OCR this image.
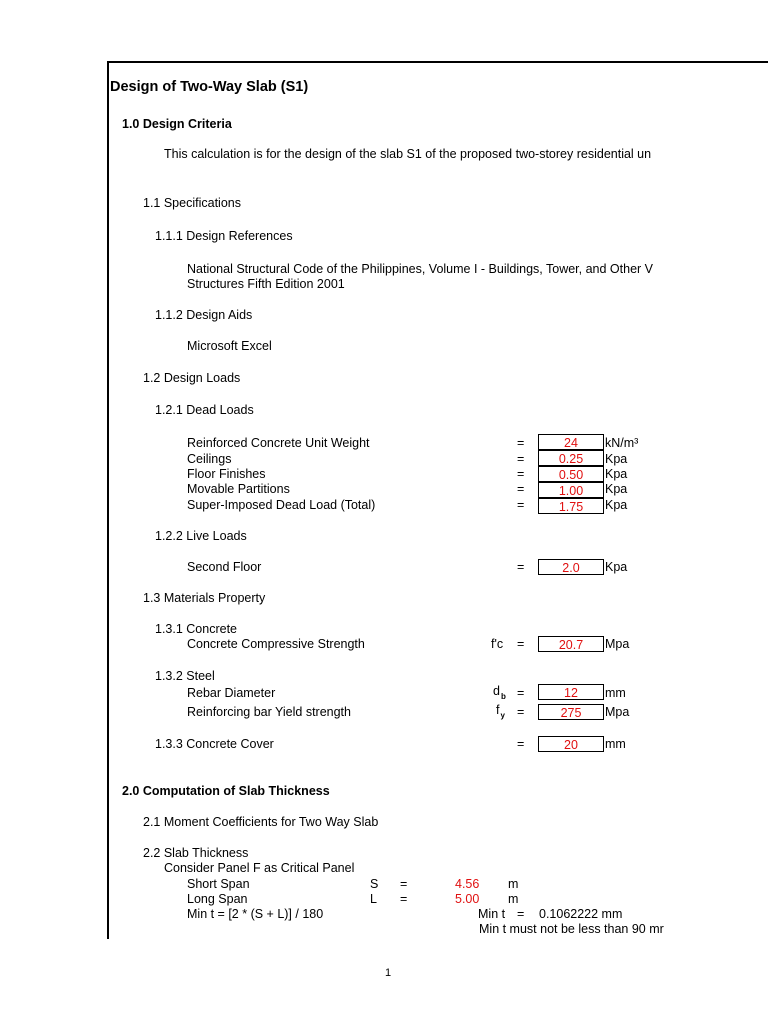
Design of Two-Way Slab (S1)
1.0 Design Criteria
This calculation is for the design of the slab S1 of the proposed two-storey residential un
1.1 Specifications
1.1.1 Design References
National Structural Code of the Philippines, Volume I - Buildings, Tower, and Other V
Structures Fifth Edition 2001
1.1.2 Design Aids
Microsoft Excel
1.2 Design Loads
1.2.1 Dead Loads
Reinforced Concrete Unit Weight	=	24	kN/m³
Ceilings	=	0.25	Kpa
Floor Finishes	=	0.50	Kpa
Movable Partitions	=	1.00	Kpa
Super-Imposed Dead Load (Total)	=	1.75	Kpa
1.2.2 Live Loads
Second Floor	=	2.0	Kpa
1.3 Materials Property
1.3.1 Concrete
Concrete Compressive Strength	f'c =	20.7	Mpa
1.3.2 Steel
Rebar Diameter	$d_b$ =	12	mm
Reinforcing bar Yield strength	$f_y$ =	275	Mpa
1.3.3 Concrete Cover	=	20	mm
2.0 Computation of Slab Thickness
2.1 Moment Coefficients for Two Way Slab
2.2 Slab Thickness
Consider Panel F as Critical Panel
Short Span	S =	4.56 m
Long Span	L =	5.00 m
Min t = [2 * (S + L)] / 180	Min t = 0.1062222 mm
Min t must not be less than 90 mr
1
